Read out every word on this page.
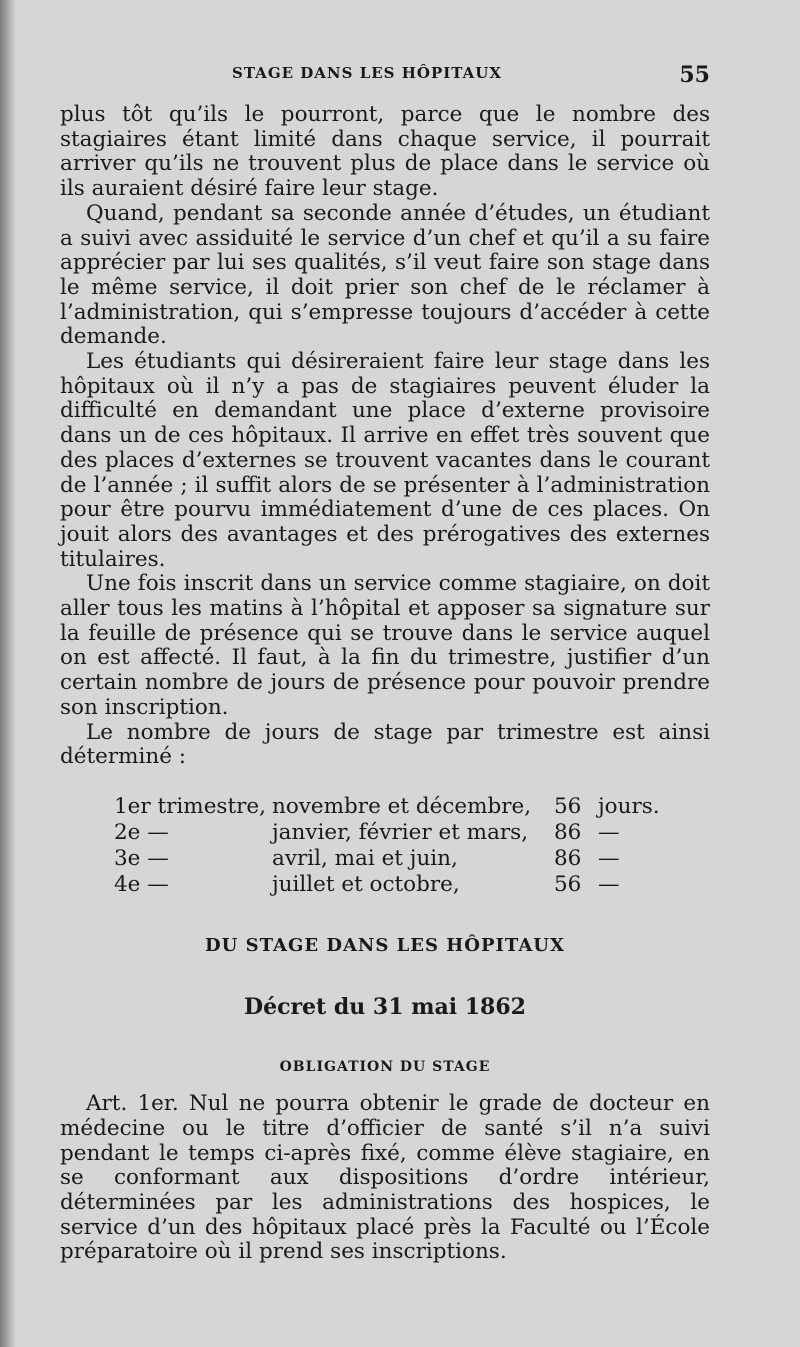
STAGE DANS LES HÔPITAUX	55

plus tôt qu’ils le pourront, parce que le nombre des stagiaires étant limité dans chaque service, il pourrait arriver qu’ils ne trouvent plus de place dans le service où ils auraient désiré faire leur stage.

Quand, pendant sa seconde année d’études, un étudiant a suivi avec assiduité le service d’un chef et qu’il a su faire apprécier par lui ses qualités, s’il veut faire son stage dans le même service, il doit prier son chef de le réclamer à l’administration, qui s’empresse toujours d’accéder à cette demande.

Les étudiants qui désireraient faire leur stage dans les hôpitaux où il n’y a pas de stagiaires peuvent éluder la difficulté en demandant une place d’externe provisoire dans un de ces hôpitaux. Il arrive en effet très souvent que des places d’externes se trouvent vacantes dans le courant de l’année ; il suffit alors de se présenter à l’administration pour être pourvu immédiatement d’une de ces places. On jouit alors des avantages et des prérogatives des externes titulaires.

Une fois inscrit dans un service comme stagiaire, on doit aller tous les matins à l’hôpital et apposer sa signature sur la feuille de présence qui se trouve dans le service auquel on est affecté. Il faut, à la fin du trimestre, justifier d’un certain nombre de jours de présence pour pouvoir prendre son inscription.

Le nombre de jours de stage par trimestre est ainsi déterminé :

1er trimestre, novembre et décembre,	56 jours.
2e —	janvier, février et mars,	86 —
3e —	avril, mai et juin,	86 —
4e —	juillet et octobre,	56 —
DU STAGE DANS LES HÔPITAUX
Décret du 31 mai 1862
OBLIGATION DU STAGE

Art. 1er. Nul ne pourra obtenir le grade de docteur en médecine ou le titre d’officier de santé s’il n’a suivi pendant le temps ci-après fixé, comme élève stagiaire, en se conformant aux dispositions d’ordre intérieur, déterminées par les administrations des hospices, le service d’un des hôpitaux placé près la Faculté ou l’École préparatoire où il prend ses inscriptions.
